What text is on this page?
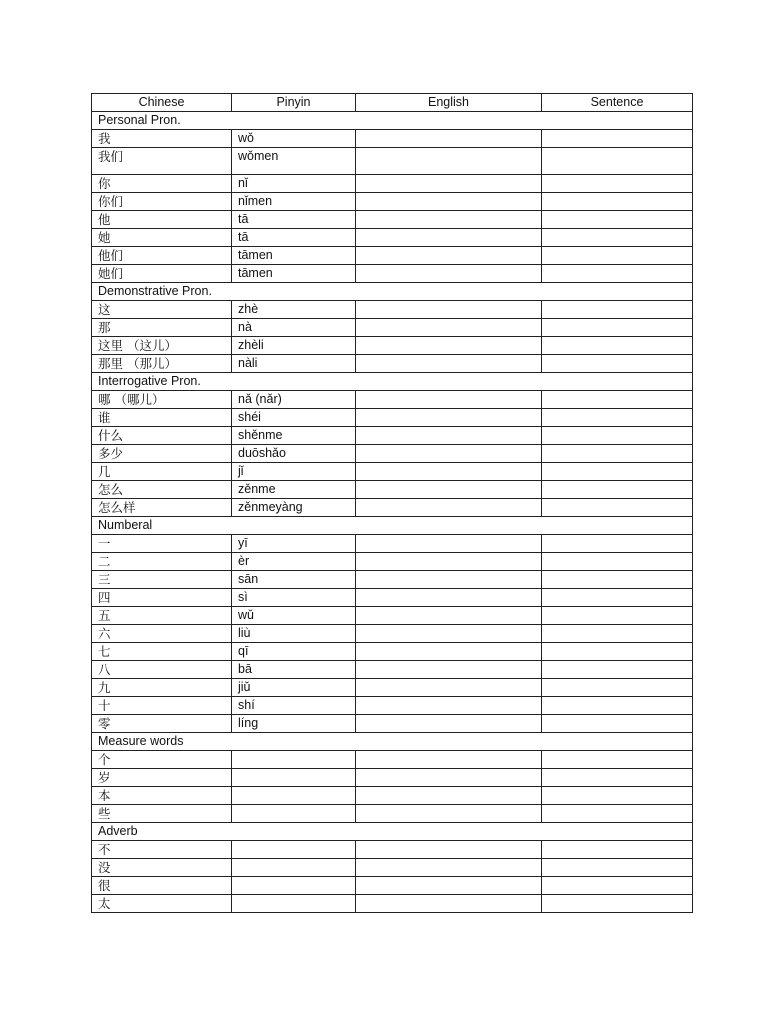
Chinese	Pinyin	English	Sentence
Personal Pron.			
我	wǒ		
我们	wǒmen		
你	nǐ		
你们	nǐmen		
他	tā		
她	tā		
他们	tāmen		
她们	tāmen		
Demonstrative Pron.			
这	zhè		
那	nà		
这里 （这儿）	zhèli		
那里 （那儿）	nàli		
Interrogative Pron.			
哪 （哪儿）	nǎ (nǎr)		
谁	shéi		
什么	shěnme		
多少	duōshǎo		
几	jǐ		
怎么	zěnme		
怎么样	zěnmeyàng		
Numberal			
一	yī		
二	èr		
三	sān		
四	sì		
五	wǔ		
六	liù		
七	qī		
八	bā		
九	jiǔ		
十	shí		
零	líng		
Measure words			
个			
岁			
本			
些			
Adverb			
不			
没			
很			
太			
